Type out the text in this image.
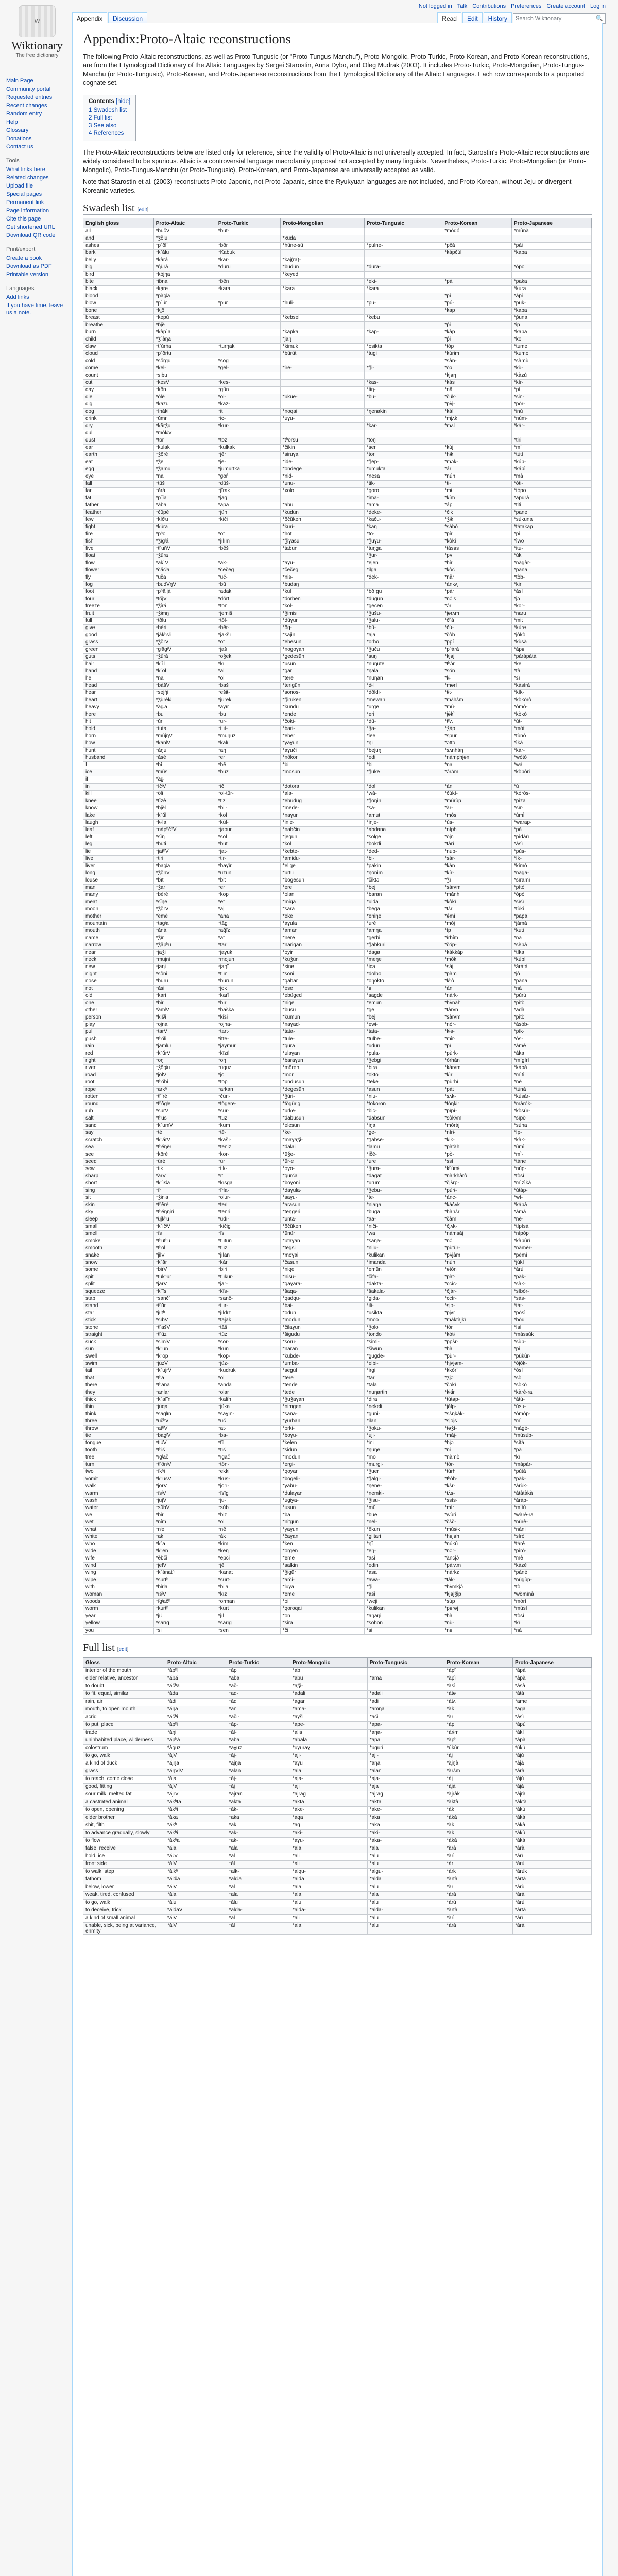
Not logged in Talk Contributions Preferences Create account Log in
W
Wiktionary
The free dictionary
Main Page
Community portal
Requested entries
Recent changes
Random entry
Help
Glossary
Donations
Contact us
Tools
What links here
Related changes
Upload file
Special pages
Permanent link
Page information
Cite this page
Get shortened URL
Download QR code
Print/export
Create a book
Download as PDF
Printable version
Languages
Add links
If you have time, leave us a note.
Appendix	Discussion	Read	Edit	History	Search Wiktionary	🔍
Appendix:Proto-Altaic reconstructions

The following Proto-Altaic reconstructions, as well as Proto-Tungusic (or "Proto-Tungus-Manchu"), Proto-Mongolic, Proto-Turkic, Proto-Korean, and Proto-Korean reconstructions, are from the Etymological Dictionary of the Altaic Languages by Sergei Starostin, Anna Dybo, and Oleg Mudrak (2003). It includes Proto-Turkic, Proto-Mongolian, Proto-Tungus-Manchu (or Proto-Tungusic), Proto-Korean, and Proto-Japanese reconstructions from the Etymological Dictionary of the Altaic Languages. Each row corresponds to a purported cognate set.

Contents [hide]
1 Swadesh list
2 Full list
3 See also
4 References

The Proto-Altaic reconstructions below are listed only for reference, since the validity of Proto-Altaic is not universally accepted. In fact, Starostin's Proto-Altaic reconstructions are widely considered to be spurious. Altaic is a controversial language macrofamily proposal not accepted by many linguists. Nevertheless, Proto-Turkic, Proto-Mongolian (or Proto-Mongolic), Proto-Tungus-Manchu (or Proto-Tungusic), Proto-Korean, and Proto-Japanese are universally accepted as valid.

Note that Starostin et al. (2003) reconstructs Proto-Japonic, not Proto-Japanic, since the Ryukyuan languages are not included, and Proto-Korean, without Jeju or divergent Koreanic varieties.

Swadesh list [edit]
English gloss	Proto-Altaic	Proto-Turkic	Proto-Mongolian	Proto-Tungusic	Proto-Korean	Proto-Japanese
all	*büčV	*büt-			*mòdó	*mùnà
and	*ʒ̀ŏlu		*xuda			
ashes	*p`ŏlì	*bōr	*hüne-sü	*pulne-	*pčá	*pài
bark	*k`ălu	*Kabuk			*kàpčúl	*kapa
belly	*kàrá	*kar-	*kaj(ra)-			
big	*ŋ́ùrà	*dürü	*büdün	*dura-		*ópo
bird	*kòjŋa		*keyed			
bite	*iɓna	*ɓẽn		*eki-	*pál	*paka
black	*ka̯re	*kara	*kara	*kara		*kura
blood	*pàgʲa				*pí	*ápi
blow	*p`úr	*pür	*hüli-	*pu-	*pú-	*puk-
bone	*ki̯ŏ				*kap	*kapa
breast	*kepú		*kebsel	*kebu		*ṕuna
breathe	*ɓi̯ĕ				*ṕi	*ip
burn	*ḱàp`a		*kapka	*kap-	*kàp	*kapa
child	*ǯ`àŋa		*jaŋ		*ṕi	*ko
claw	*t`ùrńa	*turŋak	*kimuk	*osikta	*tòp	*tume
cloud	*p`ŏrtu		*bürǖt	*tugi	*kúrɨm	*kumo
cold	*sŏrgu	*sōg			*sàn-	*sàmù
come	*kel-	*gel-	*ire-	*ǯi-	*òɔ	*kù-
count	*sibu				*kjəŋ	*kàzù
cut	*kesV	*kes-		*kas-	*kàs	*kìr-
day	*kȫn	*gün		*tiŋ-	*nắl	*pì
die	*òlè	*öl-	*üküe-	*bu-	*čúk-	*sin-
dig	*kazu	*kāz-			*pʌ́j-	*pòr-
dog	*ìnákʲ	*it	*noqai	*ŋenakin	*kàí	*inù
drink	*ŭmr	*ic-	*uɣu-		*mjʌ́k	*núm-
dry	*kărǯu	*kur-		*kar-	*mʌ̀l	*kàr-
dull	*mòkʲV					
dust	*tōr	*toz	*tʰorsu	*toŋ		*tiri
ear	*kulakʲ	*kulkak	*čikin	*ser	*kúj	*mì
earth	*ǯ̀ŏrè	*jēr	*siruɣa	*tor	*hɨ̀k	*tùtì
eat	*ǯ̀e	*jē-	*ide-	*ǯep-	*mək-	*kúp-
egg	*ǯ̀amu	*jumurtka	*öndege	*umukta	*ár	*kápì
eye	*nä̀	*göŕ	*nid-	*nēsa	*nún	*mà
fall	*tüš	*düš-	*unu-	*tik-	*ti-	*óti-
far	*ărá	*jïrak	*xolo	*goro	*mɨ̀ɫ	*tópo
fat	*p`ĭa	*jāg		*ima-	*kím	*apurà
father	*àba	*apa	*abu	*ama	*ápi	*titi
feather	*čŭpè	*jün	*kǖdün	*deke-	*čik	*pane
few	*kìčʲu	*kiči	*öčüken	*kaču-	*ǯɨ́k	*sùkuna
fight	*kùra		*kuri-	*kaŋ	*sàhó	*tàtakap
fire	*pʰōĺ	*ōt	*hot	*to-	*pɨ̀r	*pì
fish	*ǯìgʲá	*jïlïm	*ǯiɣasu	*ǯuɣu-	*kòkí	*ìwo
five	*tʰuñV	*bēš	*tabun	*tuŋga	*tàsə̀s	*itu-
float	*ǯǔ̀ra			*ǯur-	*pʌ̀	*ùk
flow	*ak`V	*ak-	*aɣu-	*ejen	*hɨ̀r	*nàgàr-
flower	*čăčʲa	*čečeg	*čečeg	*ilga	*kòč	*pana
fly	*uča	*uč-	*nis-	*dek-	*nắr	*tòb-
fog	*budVŋV	*bū	*budaŋ		*ánkʌ̀j	*kiri
foot	*pʰăljà	*adak	*kül	*bǒɫgu	*pàr	*àsì
four	*tǒjV	*dȫrt	*dörben	*dügün	*nə̀js	*jə
freeze	*ǯ́ɨ̀rá	*toŋ	*köl-	*gečen	*ə̀r	*kōr-
fruit	*ǯɨ̀mŋ	*jemiš	*ǯimis	*ǯušu-	*jə̀rʌ́m	*naru
full	*tŏlu	*tōl-	*düɣür	*ǯalu-	*čʰá	*mit
give	*bèri	*bēr-	*ög-	*bü-	*čù-	*kùre
good	*jákʰsʲi	*jakšï	*sajin	*aja	*čòh	*jòkò
grass	*ǯ́ŏrV	*ot	*ebesün	*orho	*ppí	*kùsà
green	*gʲăgʲV	*jaš	*nogoɣan	*ǯuču	*pʰàrà	*àpə
guts	*ǯ́ǔ̀rá	*öǯek	*gedesün	*suŋ	*kjəj	*pàràpàtà
hair	*k`ìl	*kïl	*üsün	*nüŋüte	*tʰə̀r	*ke
hand	*k`ŏl	*äl	*gar	*ŋala	*són	*tà
he	*na	*ol	*tere	*nuŋan	*kɨ̀	*sì
head	*bàšV	*baš	*terigün	*dɨl	*mə̀rí	*kàsìrà
hear	*sejŋ́i	*ešit-	*sonos-	*dōldi-	*tɨ̀t-	*kìk-
heart	*ǯùrèkʲ	*jürek	*ǯirüken	*mewan	*mʌ̀hʌ̀m	*kòkòrò
heavy	*ăgʲa	*aɣïr	*kündü	*urge	*mù-	*òmò-
here	*bu	*bu	*ende	*eri	*jə̀kì	*kòkò
hit	*ŭr	*ur-	*čoki-	*dǖ-	*tʰʌ́	*ùt-
hold	*tuta	*tut-	*bari-	*ǯa-	*ǯàp	*mòt
horn	*mùjŋV	*müŋüz	*eber	*iēe	*spur	*tùnò
how	*kanʲV	*kalï	*yaɣun	*ŋī	*əttə̀	*ìkà
hunt	*àŋu	*aŋ	*aɣuči	*bejuŋ	*sʌ̀nhàŋ	*kàr-
husband	*ăsè	*er	*nökör	*edi	*nàmphjən	*wòtò
I	*bĭ	*bē	*bi	*bi	*na	*wà
ice	*mǔ̀s	*buz	*mösün	*ǯuke	*ə̀rə̀m	*kòpòri
if	*ăgʲ					
in	*ìčʲV	*ič	*dotora	*dol	*àn	*ù
kill	*ö̀lɨ	*öl-tür-	*ala-	*wā-	*čúkí-	*kòròs-
knee	*tĭzè	*tiz	*ebüdüg	*ǯoŋin	*mùrùp	*pìza
know	*bi̯ĕl	*bil-	*mede-	*sā-	*àr-	*sìr-
lake	*kʰŭl	*köl	*naɣur	*amut	*mòs	*ùmì
laugh	*kɨ̀lʲa	*kül-	*inie-	*inje-	*ùs-	*warap-
leaf	*nàpʰčʰV	*japur	*nabčin	*abdana	*nìph	*pà
left	*sĭŋ	*sol	*jegün	*solge	*òjn	*pìdàrì
leg	*buti	*but	*köl	*bokdi	*tàrí	*àsì
lie	*jatʰV	*jat-	*kebte-	*ded-	*nup-	*pùs-
live	*tiri	*tir-	*amidu-	*bi-	*sàr-	*ìk-
liver	*bagʲa	*baɣïr	*elige	*pakin	*kàn	*kìmò
long	*ǯ̀ŏnV	*uzun	*urtu	*ŋonim	*kír-	*naga-
louse	*bĭt	*bit	*bögesün	*čiktǝ	*ǯì	*sìramì
man	*ǯ̀ar	*er	*ere	*bej	*sàrʌ̀m	*pìtò
many	*bèrè	*kop	*olan	*baran	*mǎnh	*òpò
meat	*sǐŋe	*et	*miqa	*ulda	*kòkì	*sìsì
moon	*ǯ̀ŏrV	*āj	*sara	*bega	*tʌ̀r	*tùkɨ
mother	*ĕmè	*ana	*eke	*eniŋe	*ə̀mì	*papa
mountain	*tagʲa	*tāg	*aɣula	*urē	*mòj	*jàmà
mouth	*ăŋà	*ag̃ïz	*aman	*amŋa	*ìp	*kuti
name	*ǯ̀ìr	*āt	*nere	*gerbi	*ìrhɨ̀m	*na
narrow	*ǯ̀ăpʰu	*tar	*nariqan	*ǯabkuri	*čóp-	*sèbà
near	*jaǯi	*jaɣuk	*oyir	*daga	*kàkkàp	*tìka
neck	*mujni	*mojun	*küǯün	*meŋe	*mòk	*kùbì
new	*jaŋi	*jaŋï	*sine	*ica	*sàj	*àràtà
night	*sō̆ni	*tün	*söni	*dolbo	*pàm	*jò
nose	*buru	*burun	*qabar	*oŋokto	*kʰò	*pàna
not	*ăsi	*jok	*ese	*ə	*àn	*ná
old	*kari	*karï	*ebüged	*sagde	*nàrk-	*pùrù
one	*bir	*bīr	*nige	*emün	*hʌ̀nàh	*pìtò
other	*ămʲV	*baška	*busu	*gē	*tàrʌ̀n	*adà
person	*kišʲi	*kiši	*kümün	*bej	*sàrʌ̀m	*pìtò
play	*ojna	*ojna-	*naɣad-	*ewi-	*nòr-	*àsòb-
pull	*tarV	*tart-	*tata-	*tata-	*kɨ̀s-	*pìk-
push	*tʰŏli	*itte-	*tüle-	*tulbe-	*mɨ̀r-	*òs-
rain	*jamʲur	*jaɣmur	*qura	*udun	*pì	*àmè
red	*kʰŭrV	*kïzïl	*ulaɣan	*pula-	*pùrk-	*àka
right	*oŋ	*oŋ	*baraɣun	*ǯebgi	*òrhàn	*mìgìrì
river	*ǯ̀ŏgʲu	*ügüz	*mören	*bira	*kàrʌ̀m	*kàpà
road	*jŏlV	*jōl	*mör	*okto	*kìr	*mìtì
root	*tʰŏbi	*tōp	*ündüsün	*tekē	*pùrhí	*nè
rope	*arkʰ	*arkan	*degesün	*asun	*pàt	*tùnà
rotten	*tʰìrè	*čüri-	*ǯüri-	*niu-	*sʌ̀k-	*kùsàr-
round	*tʰŏgʲe	*tögere-	*tögürig	*tokoron	*tòŋkɨ̀r	*màròk-
rub	*sürV	*sür-	*ürke-	*bic-	*pìpì-	*kòsùr-
salt	*tʰūs	*tūz	*dabusun	*dabsun	*sòkʌ̀m	*sìpò
sand	*kʰumV	*kum	*elesün	*iŋa	*mòràj	*sùna
say	*tè	*tē-	*ke-	*ge-	*nìrɨ̀-	*ìp-
scratch	*kʰărV	*kašï-	*maɣaǯi-	*ʒabse-	*kɨ̀k-	*kàk-
sea	*tʰĕŋèr	*teŋiz	*dalai	*lamu	*pàtàh	*ùmì
see	*kö̀rè	*kör-	*üǯe-	*ičē-	*pò-	*mì-
seed	*ürè	*ür	*ür-e	*ure	*ssì	*tàne
sew	*tik	*tik-	*oyo-	*ǯura-	*kʰùmɨ̀	*nùp-
sharp	*ărV	*ïtï	*qurča	*dagat	*nàrkhàrò	*tòsì
short	*kʰìsʲa	*kïsga	*boɣoni	*urum	*čjʌ́rp-	*mìzìkà
sing	*ïr	*ïrla-	*daɣula-	*ǯebu-	*pùrɨ̀-	*ùtàp-
sit	*ǯɨ̀nʲa	*olur-	*saɣu-	*te-	*ànc-	*wì-
skin	*tʰĕrè	*teri	*arasun	*niaŋa	*kàčʌ̀k	*kàpà
sky	*tʰĕŋŋirì	*teŋri	*teŋgeri	*buga	*hànʌ̀r	*àmà
sleep	*ŭjkʰu	*udï-	*unta-	*aa-	*čàm	*nè-
small	*kʰičʲV	*kičig	*öčüken	*niči-	*čjʌ́k-	*tìpìsà
smell	*ïs	*ïs	*ünür	*wa	*nàmsàj	*nìpòp
smoke	*tʰütʰü	*tütün	*utaɣan	*saŋa-	*nə̀j	*kàpùrì
smooth	*tʰöl	*tüz	*tegsi	*nilu-	*pùtùr-	*nàmèr-
snake	*jilV	*jïlan	*moɣai	*kulikan	*pʌ̀jàm	*pèmì
snow	*kʰăr	*kār	*časun	*imanda	*nún	*jùkì
some	*birV	*biri	*nige	*emün	*ə̀tòn	*àrù
spit	*tükʰür	*tükür-	*nisu-	*čifa-	*pàt-	*pàk-
split	*jarV	*jar-	*qaɣara-	*dakta-	*ccìc-	*sàk-
squeeze	*kʰïs	*kïs-	*šaqa-	*šakala-	*čjàr-	*sìbòr-
stab	*sančʰ	*sanč-	*qadqu-	*gida-	*ccìr-	*sàs-
stand	*tʰŭr	*tur-	*bai-	*ili-	*sjə̀-	*tàt-
star	*jïltʰ	*jïldïz	*odun	*usikta	*pjʌ̀r	*pòsì
stick	*sïbV	*tajak	*modun	*moo	*màktàjkì	*bòu
stone	*tʰašV	*tāš	*čilaɣun	*ǯolo	*tòr	*ìsì
straight	*tʰüz	*tüz	*šigudu	*tondo	*kòtɨ̀	*màssùk
suck	*sɨ̀mʲV	*sor-	*soru-	*simi-	*ppʌ̀r-	*sùp-
sun	*kʰün	*kün	*naran	*šiwun	*hàj	*pì
swell	*kʰöp	*köp-	*kübde-	*gugde-	*pùr-	*pùkùr-
swim	*jüzV	*jüz-	*umba-	*elbi-	*hjʌ̀jəm-	*òjòk-
tail	*kʰujrV	*kudruk	*segül	*irgi	*kkòrì	*òsì
that	*tʰa	*ol	*tere	*tari	*ʒjə	*sò
there	*tʰana	*anda	*tende	*tala	*čə̀kì	*sòkò
they	*anlar	*olar	*tede	*nuŋartin	*kɨ̀tɨ̀r	*kàrè-ra
thick	*kʰalïn	*kalïn	*ǯuǯaɣan	*dira	*tùtəp-	*àtù-
thin	*jüqa	*jüka	*nimgen	*nekeli	*jàlp-	*ùsu-
think	*sagʲïn	*saɣïn-	*sana-	*gūni-	*sʌ̀ŋkàk-	*òmòp-
three	*üčʰV	*üč	*ɣurban	*ilan	*sjə̀js	*mì
throw	*atʰV	*at-	*orki-	*ǯoku-	*tə̀ǯì-	*nàgè-
tie	*bagʲV	*ba-	*boɣu-	*uji-	*màj-	*mùsùb-
tongue	*tɨ̀lʲʲV	*tïl	*kelen	*iŋi	*hjə̀	*sìtà
tooth	*tʰiš	*tïš	*sidün	*ŋuŋe	*ni	*pà
tree	*ïgʲač	*ïgač	*modun	*mō	*nàmò	*kì
turn	*tʰönʲV	*tön-	*ergi-	*murgi-	*tòr-	*màpàr-
two	*ïkʰi	*ekki	*qoyar	*ǯuer	*tùrh	*pùtà
vomit	*kʰusV	*kus-	*bögeli-	*ǯalgi-	*tʰòh-	*pàk-
walk	*jorV	*jorï-	*yabu-	*ŋene-	*kʌ̀r-	*àrùk-
warm	*ïsʲV	*ïsïg	*dulaɣan	*nemki-	*tʌ̀s-	*àtàtàkà
wash	*jujV	*ju-	*ugiya-	*ǯisu-	*ssìs-	*àràp-
water	*sŭbV	*sūb	*usun	*mū	*mìr	*mìtù
we	*bir	*biz	*ba	*bue	*wùrì	*wàrè-ra
wet	*nɨ̀m	*öl	*nitgün	*nel-	*čʌ̀č-	*nùrè-
what	*nʲe	*nē	*yaɣun	*ēkun	*mùsɨ̀k	*nàni
white	*ak	*āk	*čaɣan	*giltari	*hə̀jəh	*sìrò
who	*kʰa	*kim	*ken	*ŋī	*nùkù	*tàrè
wide	*kʰen	*kēŋ	*örgen	*eŋ-	*nər-	*pìrò-
wife	*ĕ̀bči	*epči	*eme	*asi	*àncjə̀	*mè
wind	*jelV	*jēl	*salkin	*edin	*pàrʌ̀m	*kàzè
wing	*kʰànatʰ	*kanat	*ǯigür	*asa	*nàrkɛ	*pànè
wipe	*sürtʰ	*sürt-	*arči-	*awa-	*tàk-	*nùgùp-
with	*birlä	*bilä	*luɣa	*ǯi	*hʌ̀mkjə̀	*tò
woman	*ïšʲV	*kïz	*eme	*aši	*kjə̀jǯip	*wòmìnà
woods	*ïgʲačʰ	*orman	*oi	*weji	*sùp	*mòrì
worm	*kurtʰ	*kurt	*qoroqai	*kulikan	*pə̀rə̀j	*mùsì
year	*jïlʲ	*jïl	*on	*aŋaŋi	*hàj	*tòsì
yellow	*sarïg	*sarïg	*sira	*sohon	*nù-	*kì
you	*si	*sen	*či	*si	*nə	*nà
Full list [edit]
Gloss	Proto-Altaic	Proto-Turkic	Proto-Mongolic	Proto-Tungusic	Proto-Korean	Proto-Japanese
interior of the mouth	*ăpʰí	*āp	*ab		*àpʰ	*àpà
elder relative, ancestor	*ăbă	*ābā	*abu	*ama	*àpì	*àpà
to doubt	*ăčʰa	*ač-	*aǯi-		*àsì	*àsà
to fit, equal, similar	*ăda	*ad-	*adali	*adali	*àtə̀	*àtà
rain, air	*ădi	*ād	*agar	*adi	*àtʌ̀	*ame
mouth, to open mouth	*ăŋa	*aŋ	*ama-	*amŋa	*àk	*aga
acrid	*ăčʰi	*āčï-	*aɣši	*ači	*àr	*àsì
to put, place	*ăpʰi	*āp-	*ape-	*apa-	*àp	*àpù
trade	*ăŋi	*āl-	*alis	*aŋa-	*àrɨ̀m	*àkì
uninhabited place, wilderness	*ăpʰá	*ābā	*abala	*apa	*àpʰ	*àpà
colostrum	*ăguz	*aɣuz	*uɣuraɣ	*uguri	*ùkùr	*ùkù
to go, walk	*ăjV	*āj-	*aji-	*aji-	*àj	*àjù
a kind of duck	*ăjŋa	*ājŋa	*aɣu	*aŋa	*àjŋà	*àjà
grass	*ăŋVlV	*ālān	*ala	*alaŋ	*àrʌ̀m	*àrà
to reach, come close	*ăja	*āj-	*aja-	*aja-	*àj	*àjù
good, fitting	*ăjV	*āj	*aji	*aja	*àjà	*àjà
sour milk, melted fat	*ăjrV	*ajran	*ajrag	*ajrag	*àjràk	*àjrà
a castrated animal	*ăkʰta	*akta	*akta	*akta	*àktà	*àktà
to open, opening	*ăkʰi	*āk-	*ake-	*ake-	*àk	*àkù
elder brother	*ăka	*aka	*aqa	*aka	*àkà	*àkà
shit, filth	*ăkʰ	*āk	*aq	*aka	*àk	*àkà
to advance gradually, slowly	*ăkʰi	*āk-	*aki-	*aki-	*àk	*àkù
to flow	*ăkʰa	*ak-	*aɣu-	*aka-	*àkà	*àkà
false, receive	*ăla	*ala	*ala	*ala	*àrà	*àrà
hold, ice	*ălʲV	*āl	*ali	*alu	*àrì	*àrì
front side	*ălV	*āl	*ali	*alu	*àr	*àrù
to walk, step	*ălkʰ	*alk-	*alqu-	*algu-	*àrk	*àrùk
fathom	*ăldʲa	*āldʲa	*alda	*alda	*àrtà	*àrtà
below, lower	*ălV	*āl	*ala	*alu	*àr	*àrù
weak, tired, confused	*ăla	*ala	*ala	*ala	*àrà	*àrà
to go, walk	*ălu	*ālu	*alu	*alu	*àrù	*àrù
to deceive, trick	*ăldaV	*alda-	*alda-	*alda-	*àrtà	*àrtà
a kind of small animal	*ălV	*āl	*ali	*alu	*àrì	*àrì
unable, sick, being at variance, enmity	*ălV	*āl	*ala	*alu	*àrà	*àrà
